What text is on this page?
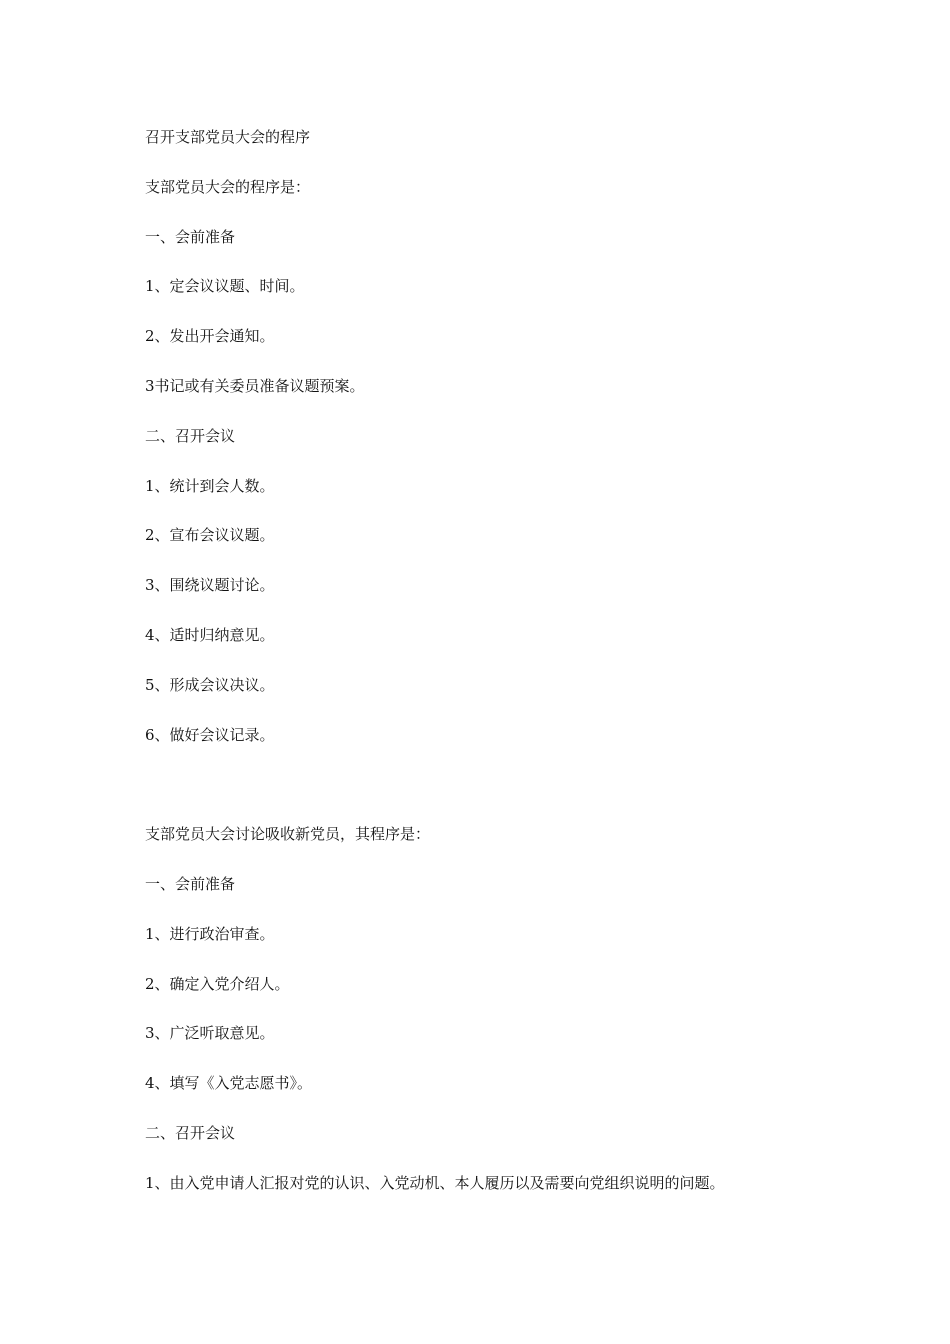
召开支部党员大会的程序
支部党员大会的程序是：
一、会前准备
1、定会议议题、时间。
2、发出开会通知。
3书记或有关委员准备议题预案。
二、召开会议
1、统计到会人数。
2、宣布会议议题。
3、围绕议题讨论。
4、适时归纳意见。
5、形成会议决议。
6、做好会议记录。
支部党员大会讨论吸收新党员，其程序是：
一、会前准备
1、进行政治审查。
2、确定入党介绍人。
3、广泛听取意见。
4、填写《入党志愿书》。
二、召开会议
1、由入党申请人汇报对党的认识、入党动机、本人履历以及需要向党组织说明的问题。
